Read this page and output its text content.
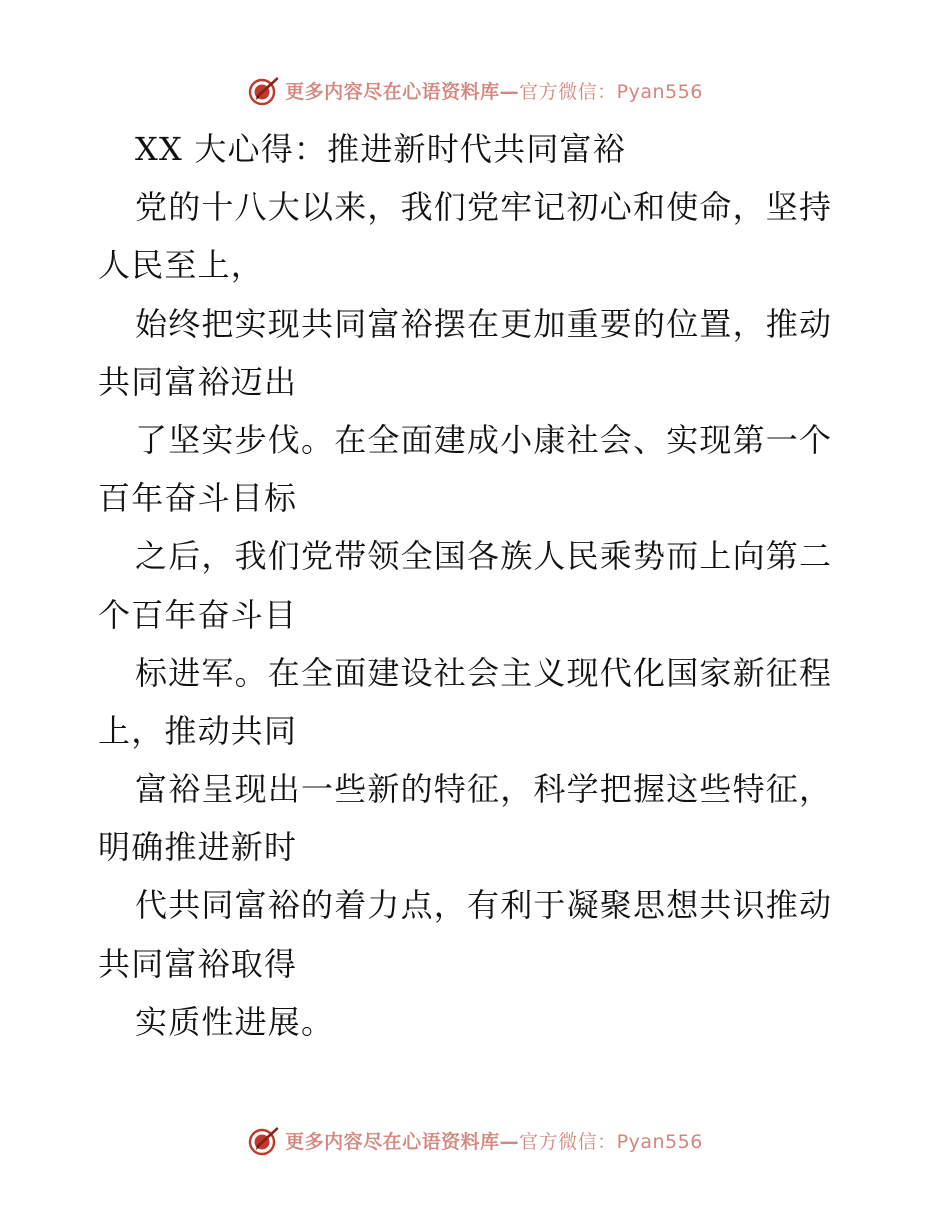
更多内容尽在心语资料库—官方微信：Pyan556
XX 大心得：推进新时代共同富裕
党的十八大以来，我们党牢记初心和使命，坚持
人民至上，
始终把实现共同富裕摆在更加重要的位置，推动
共同富裕迈出
了坚实步伐。在全面建成小康社会、实现第一个
百年奋斗目标
之后，我们党带领全国各族人民乘势而上向第二
个百年奋斗目
标进军。在全面建设社会主义现代化国家新征程
上，推动共同
富裕呈现出一些新的特征，科学把握这些特征，
明确推进新时
代共同富裕的着力点，有利于凝聚思想共识推动
共同富裕取得
实质性进展。
更多内容尽在心语资料库—官方微信：Pyan556
